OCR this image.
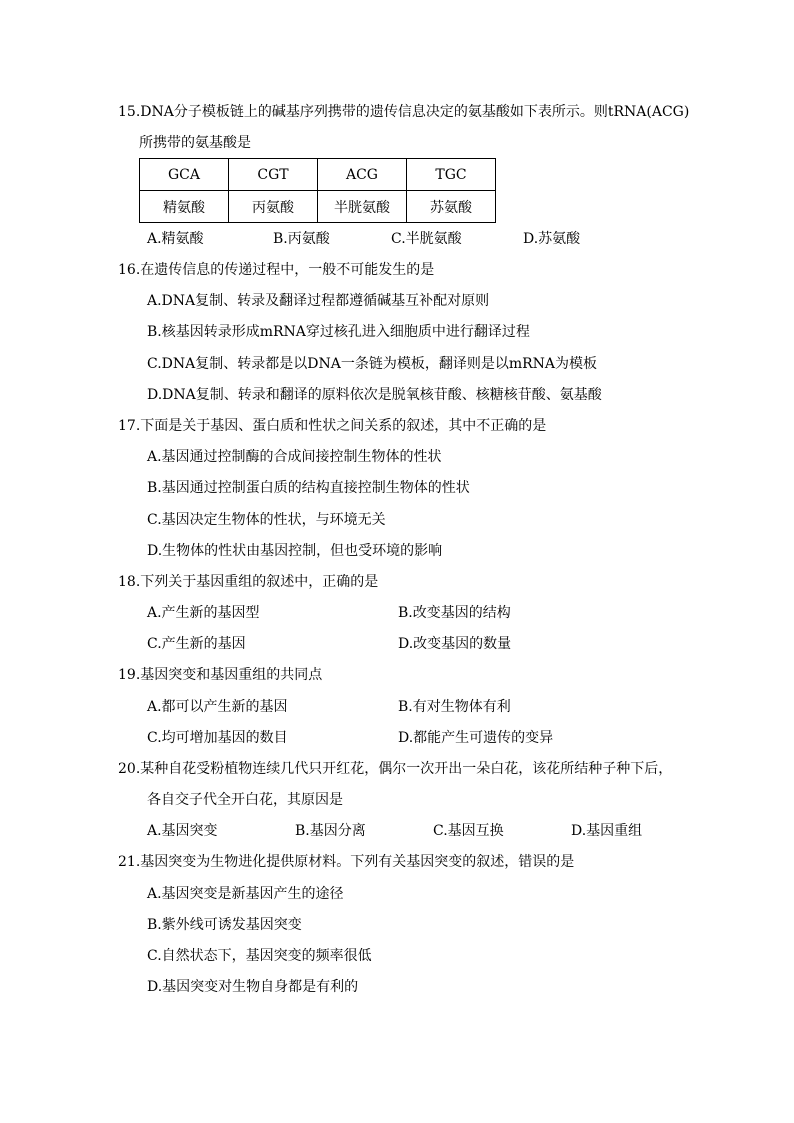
15.DNA分子模板链上的碱基序列携带的遗传信息决定的氨基酸如下表所示。则tRNA(ACG)
所携带的氨基酸是
GCA	CGT	ACG	TGC
精氨酸	丙氨酸	半胱氨酸	苏氨酸
A.精氨酸	B.丙氨酸	C.半胱氨酸	D.苏氨酸
16.在遗传信息的传递过程中，一般不可能发生的是
A.DNA复制、转录及翻译过程都遵循碱基互补配对原则
B.核基因转录形成mRNA穿过核孔进入细胞质中进行翻译过程
C.DNA复制、转录都是以DNA一条链为模板，翻译则是以mRNA为模板
D.DNA复制、转录和翻译的原料依次是脱氧核苷酸、核糖核苷酸、氨基酸
17.下面是关于基因、蛋白质和性状之间关系的叙述，其中不正确的是
A.基因通过控制酶的合成间接控制生物体的性状
B.基因通过控制蛋白质的结构直接控制生物体的性状
C.基因决定生物体的性状，与环境无关
D.生物体的性状由基因控制，但也受环境的影响
18.下列关于基因重组的叙述中，正确的是
A.产生新的基因型	B.改变基因的结构
C.产生新的基因	D.改变基因的数量
19.基因突变和基因重组的共同点
A.都可以产生新的基因	B.有对生物体有利
C.均可增加基因的数目	D.都能产生可遗传的变异
20.某种自花受粉植物连续几代只开红花，偶尔一次开出一朵白花，该花所结种子种下后，
各自交子代全开白花，其原因是
A.基因突变	B.基因分离	C.基因互换	D.基因重组
21.基因突变为生物进化提供原材料。下列有关基因突变的叙述，错误的是
A.基因突变是新基因产生的途径
B.紫外线可诱发基因突变
C.自然状态下，基因突变的频率很低
D.基因突变对生物自身都是有利的
